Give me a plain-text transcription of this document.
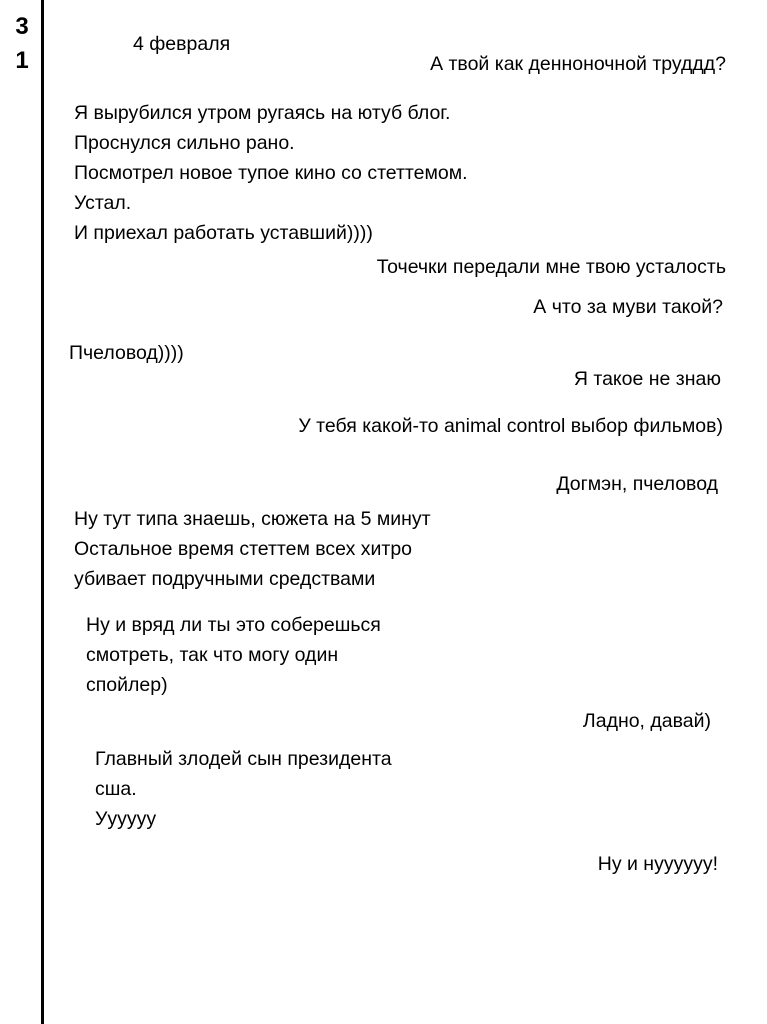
3
1
4 февраля
А твой как денноночной труддд?
Я вырубился утром ругаясь на ютуб блог.
Проснулся сильно рано.
Посмотрел новое тупое кино со стеттемом.
Устал.
И приехал работать уставший))))
Точечки передали мне твою усталость
А что за муви такой?
Пчеловод))))
Я такое не знаю
У тебя какой-то animal control выбор фильмов)
Догмэн, пчеловод
Ну тут типа знаешь, сюжета на 5 минут
Остальное время стеттем всех хитро
убивает подручными средствами
Ну и вряд ли ты это соберешься
смотреть, так что могу один
спойлер)
Ладно, давай)
Главный злодей сын президента
сша.
Уууууу
Ну и нуууууу!
